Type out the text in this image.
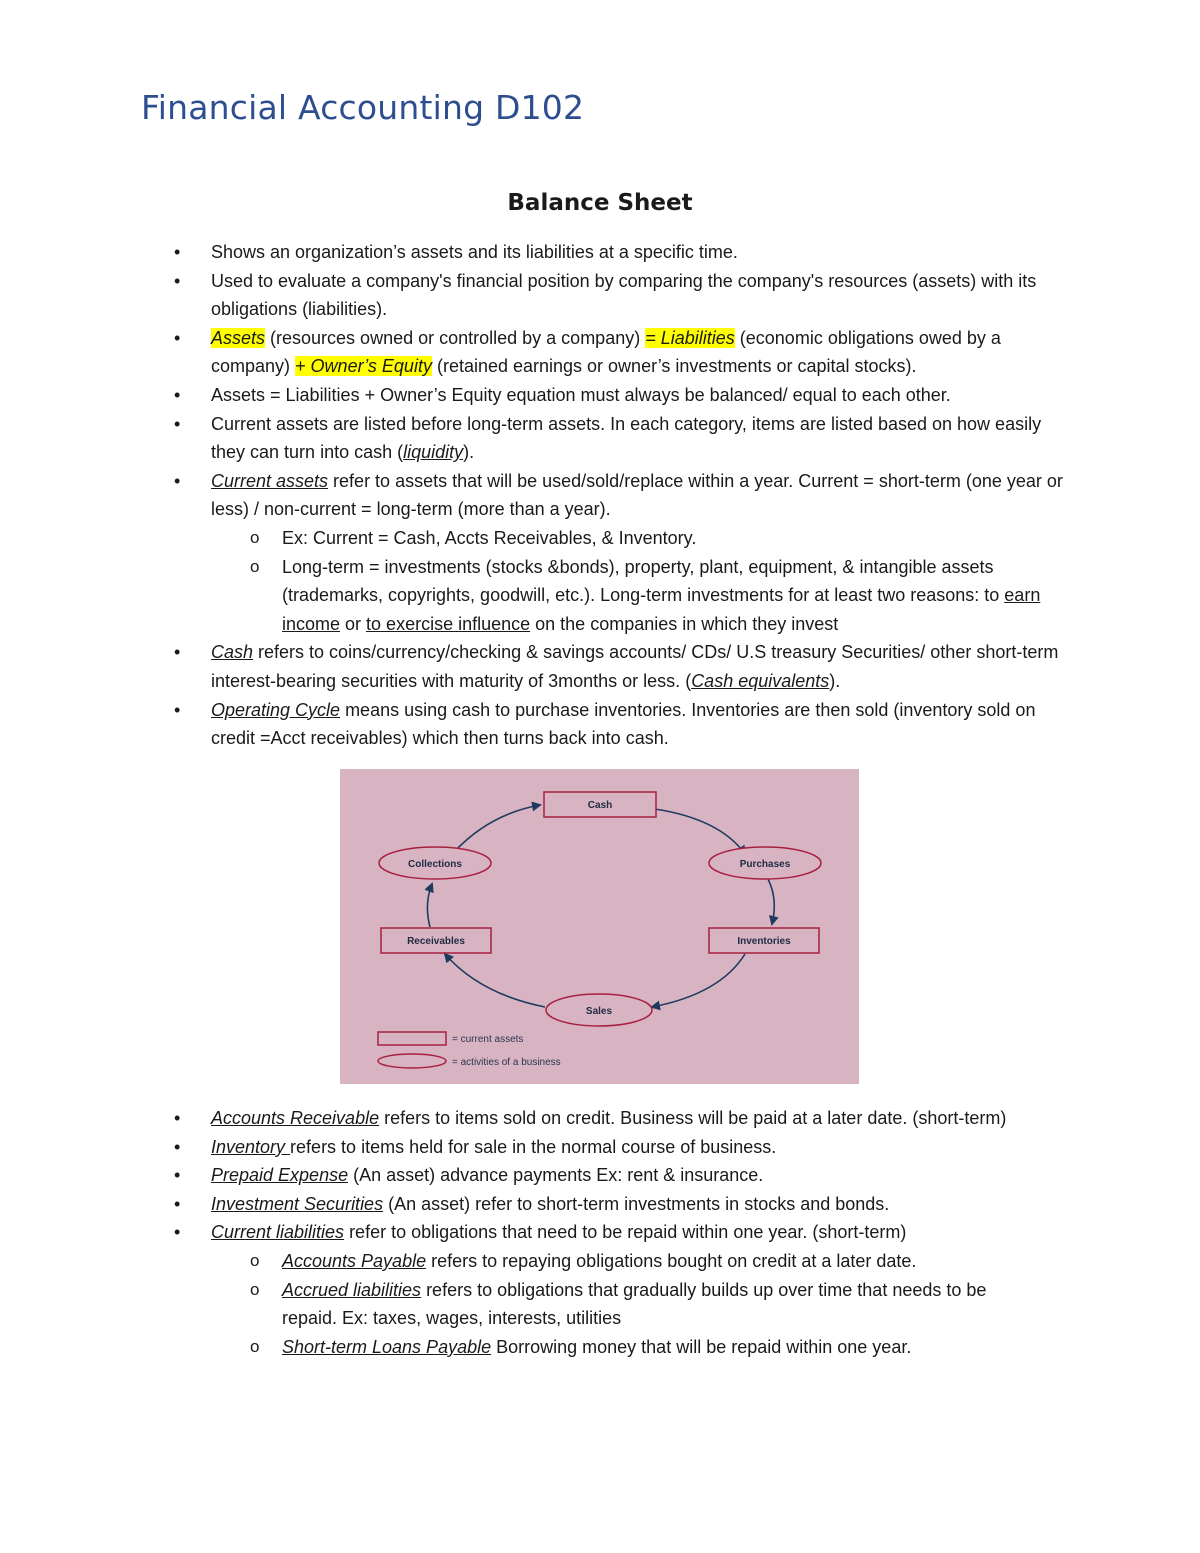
Financial Accounting D102
Balance Sheet
• Shows an organization’s assets and its liabilities at a specific time.
• Used to evaluate a company's financial position by comparing the company's resources (assets) with its obligations (liabilities).
• Assets (resources owned or controlled by a company) = Liabilities (economic obligations owed by a company) + Owner’s Equity (retained earnings or owner’s investments or capital stocks).
• Assets = Liabilities + Owner’s Equity equation must always be balanced/ equal to each other.
• Current assets are listed before long-term assets. In each category, items are listed based on how easily they can turn into cash (liquidity).
• Current assets refer to assets that will be used/sold/replace within a year. Current = short-term (one year or less) / non-current = long-term (more than a year).
o Ex: Current = Cash, Accts Receivables, & Inventory.
o Long-term = investments (stocks &bonds), property, plant, equipment, & intangible assets (trademarks, copyrights, goodwill, etc.). Long-term investments for at least two reasons: to earn income or to exercise influence on the companies in which they invest
• Cash refers to coins/currency/checking & savings accounts/ CDs/ U.S treasury Securities/ other short-term interest-bearing securities with maturity of 3months or less. (Cash equivalents).
• Operating Cycle means using cash to purchase inventories. Inventories are then sold (inventory sold on credit =Acct receivables) which then turns back into cash.
Cash
Purchases
Inventories
Sales
Receivables
Collections
= current assets
= activities of a business
• Accounts Receivable refers to items sold on credit. Business will be paid at a later date. (short-term)
• Inventory refers to items held for sale in the normal course of business.
• Prepaid Expense (An asset) advance payments Ex: rent & insurance.
• Investment Securities (An asset) refer to short-term investments in stocks and bonds.
• Current liabilities refer to obligations that need to be repaid within one year. (short-term)
o Accounts Payable refers to repaying obligations bought on credit at a later date.
o Accrued liabilities refers to obligations that gradually builds up over time that needs to be repaid. Ex: taxes, wages, interests, utilities
o Short-term Loans Payable Borrowing money that will be repaid within one year.
